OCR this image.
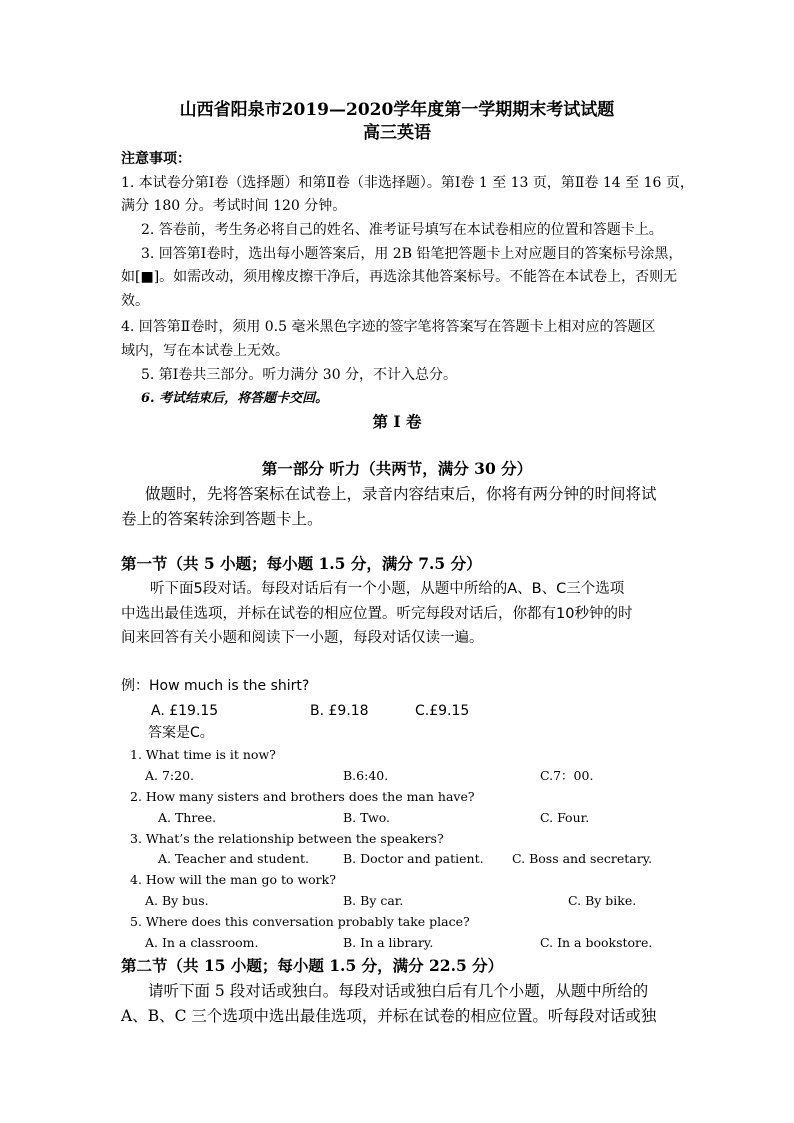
山西省阳泉市2019—2020学年度第一学期期末考试试题
高三英语
注意事项：
1. 本试卷分第Ⅰ卷（选择题）和第Ⅱ卷（非选择题）。第Ⅰ卷 1 至 13 页，第Ⅱ卷 14 至 16 页，
满分 180 分。考试时间 120 分钟。
2. 答卷前，考生务必将自己的姓名、准考证号填写在本试卷相应的位置和答题卡上。
3. 回答第Ⅰ卷时，选出每小题答案后，用 2B 铅笔把答题卡上对应题目的答案标号涂黑，
如[■]。如需改动，须用橡皮擦干净后，再选涂其他答案标号。不能答在本试卷上，否则无
效。
4. 回答第Ⅱ卷时，须用 0.5 毫米黑色字迹的签字笔将答案写在答题卡上相对应的答题区
域内，写在本试卷上无效。
5. 第Ⅰ卷共三部分。听力满分 30 分，不计入总分。
6. 考试结束后，将答题卡交回。
第 Ⅰ 卷
第一部分 听力（共两节，满分 30 分）
做题时，先将答案标在试卷上，录音内容结束后，你将有两分钟的时间将试
卷上的答案转涂到答题卡上。
第一节（共 5 小题；每小题 1.5 分，满分 7.5 分）
听下面5段对话。每段对话后有一个小题，从题中所给的A、B、C三个选项
中选出最佳选项，并标在试卷的相应位置。听完每段对话后，你都有10秒钟的时
间来回答有关小题和阅读下一小题，每段对话仅读一遍。
例：How much is the shirt?
A. £19.15	B. £9.18	C.£9.15
答案是C。
1. What time is it now?
A. 7:20.	B.6:40.	C.7：00.
2. How many sisters and brothers does the man have?
A. Three.	B. Two.	C. Four.
3. What’s the relationship between the speakers?
A. Teacher and student.	B. Doctor and patient. C. Boss and secretary.
4. How will the man go to work?
A. By bus.	B. By car.	C. By bike.
5. Where does this conversation probably take place?
A. In a classroom.	B. In a library.	C. In a bookstore.
第二节（共 15 小题；每小题 1.5 分，满分 22.5 分）
请听下面 5 段对话或独白。每段对话或独白后有几个小题，从题中所给的
A、B、C 三个选项中选出最佳选项，并标在试卷的相应位置。听每段对话或独
